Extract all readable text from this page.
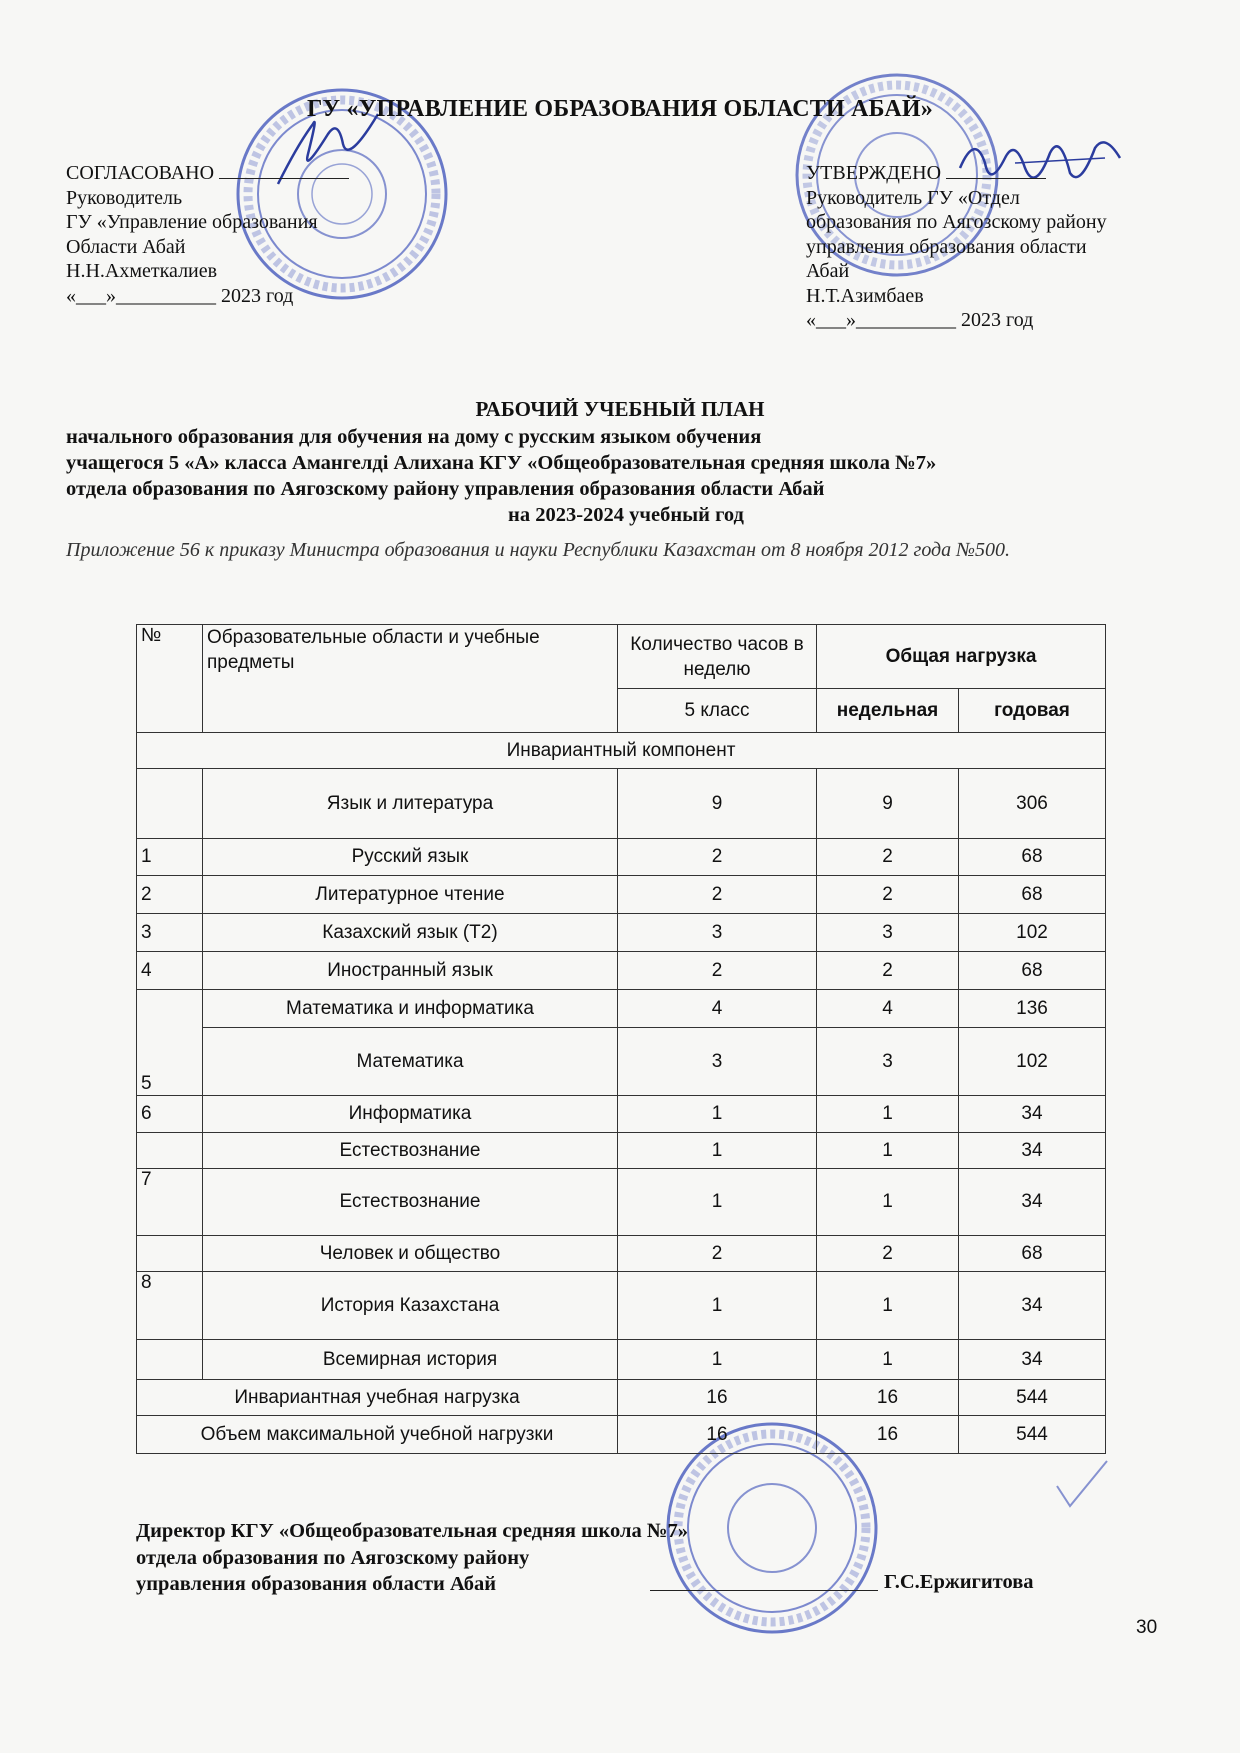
ГУ «УПРАВЛЕНИЕ ОБРАЗОВАНИЯ ОБЛАСТИ АБАЙ»
СОГЛАСОВАНО
Руководитель
ГУ «Управление образования
Области Абай
Н.Н.Ахметкалиев
«___»__________ 2023 год
УТВЕРЖДЕНО
Руководитель ГУ «Отдел
образования по Аягозскому району
управления образования области
Абай
Н.Т.Азимбаев
«___»__________ 2023 год
РАБОЧИЙ УЧЕБНЫЙ ПЛАН
начального образования для обучения на дому с русским языком обучения
учащегося 5 «А» класса Амангелді Алихана КГУ «Общеобразовательная средняя школа №7»
отдела образования по Аягозскому району управления образования области Абай
на 2023-2024 учебный год
Приложение 56 к приказу Министра образования и науки Республики Казахстан от 8 ноября 2012 года №500.
№	Образовательные области и учебные предметы	Количество часов в неделю	Общая нагрузка	
		5 класс	недельная	годовая
Инвариантный компонент				
	Язык и литература	9	9	306
1	Русский язык	2	2	68
2	Литературное чтение	2	2	68
3	Казахский язык (Т2)	3	3	102
4	Иностранный язык	2	2	68
5	Математика и информатика	4	4	136
	Математика	3	3	102
6	Информатика	1	1	34
	Естествознание	1	1	34
7	Естествознание	1	1	34
	Человек и общество	2	2	68
8	История Казахстана	1	1	34
	Всемирная история	1	1	34
Инвариантная учебная нагрузка		16	16	544
Объем максимальной учебной нагрузки		16	16	544
Директор КГУ «Общеобразовательная средняя школа №7»
отдела образования по Аягозскому району
управления образования области Абай	Г.С.Ержигитова
30
